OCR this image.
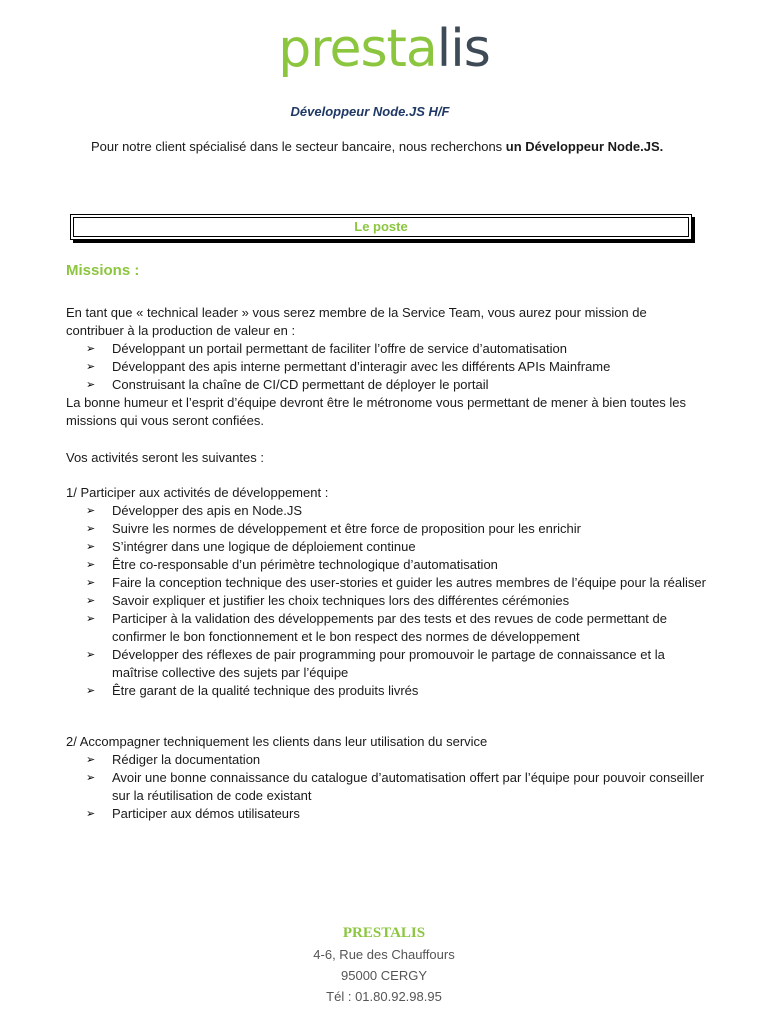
prestalis
Développeur Node.JS H/F
Pour notre client spécialisé dans le secteur bancaire, nous recherchons un Développeur Node.JS.
Le poste
Missions :
En tant que « technical leader » vous serez membre de la Service Team, vous aurez pour mission de contribuer à la production de valeur en :
➢ Développant un portail permettant de faciliter l’offre de service d’automatisation
➢ Développant des apis interne permettant d’interagir avec les différents APIs Mainframe
➢ Construisant la chaîne de CI/CD permettant de déployer le portail
La bonne humeur et l’esprit d’équipe devront être le métronome vous permettant de mener à bien toutes les missions qui vous seront confiées.
Vos activités seront les suivantes :
1/ Participer aux activités de développement :
➢ Développer des apis en Node.JS
➢ Suivre les normes de développement et être force de proposition pour les enrichir
➢ S’intégrer dans une logique de déploiement continue
➢ Être co-responsable d’un périmètre technologique d’automatisation
➢ Faire la conception technique des user-stories et guider les autres membres de l’équipe pour la réaliser
➢ Savoir expliquer et justifier les choix techniques lors des différentes cérémonies
➢ Participer à la validation des développements par des tests et des revues de code permettant de confirmer le bon fonctionnement et le bon respect des normes de développement
➢ Développer des réflexes de pair programming pour promouvoir le partage de connaissance et la maîtrise collective des sujets par l’équipe
➢ Être garant de la qualité technique des produits livrés
2/ Accompagner techniquement les clients dans leur utilisation du service
➢ Rédiger la documentation
➢ Avoir une bonne connaissance du catalogue d’automatisation offert par l’équipe pour pouvoir conseiller sur la réutilisation de code existant
➢ Participer aux démos utilisateurs
PRESTALIS
4-6, Rue des Chauffours
95000 CERGY
Tél : 01.80.92.98.95
